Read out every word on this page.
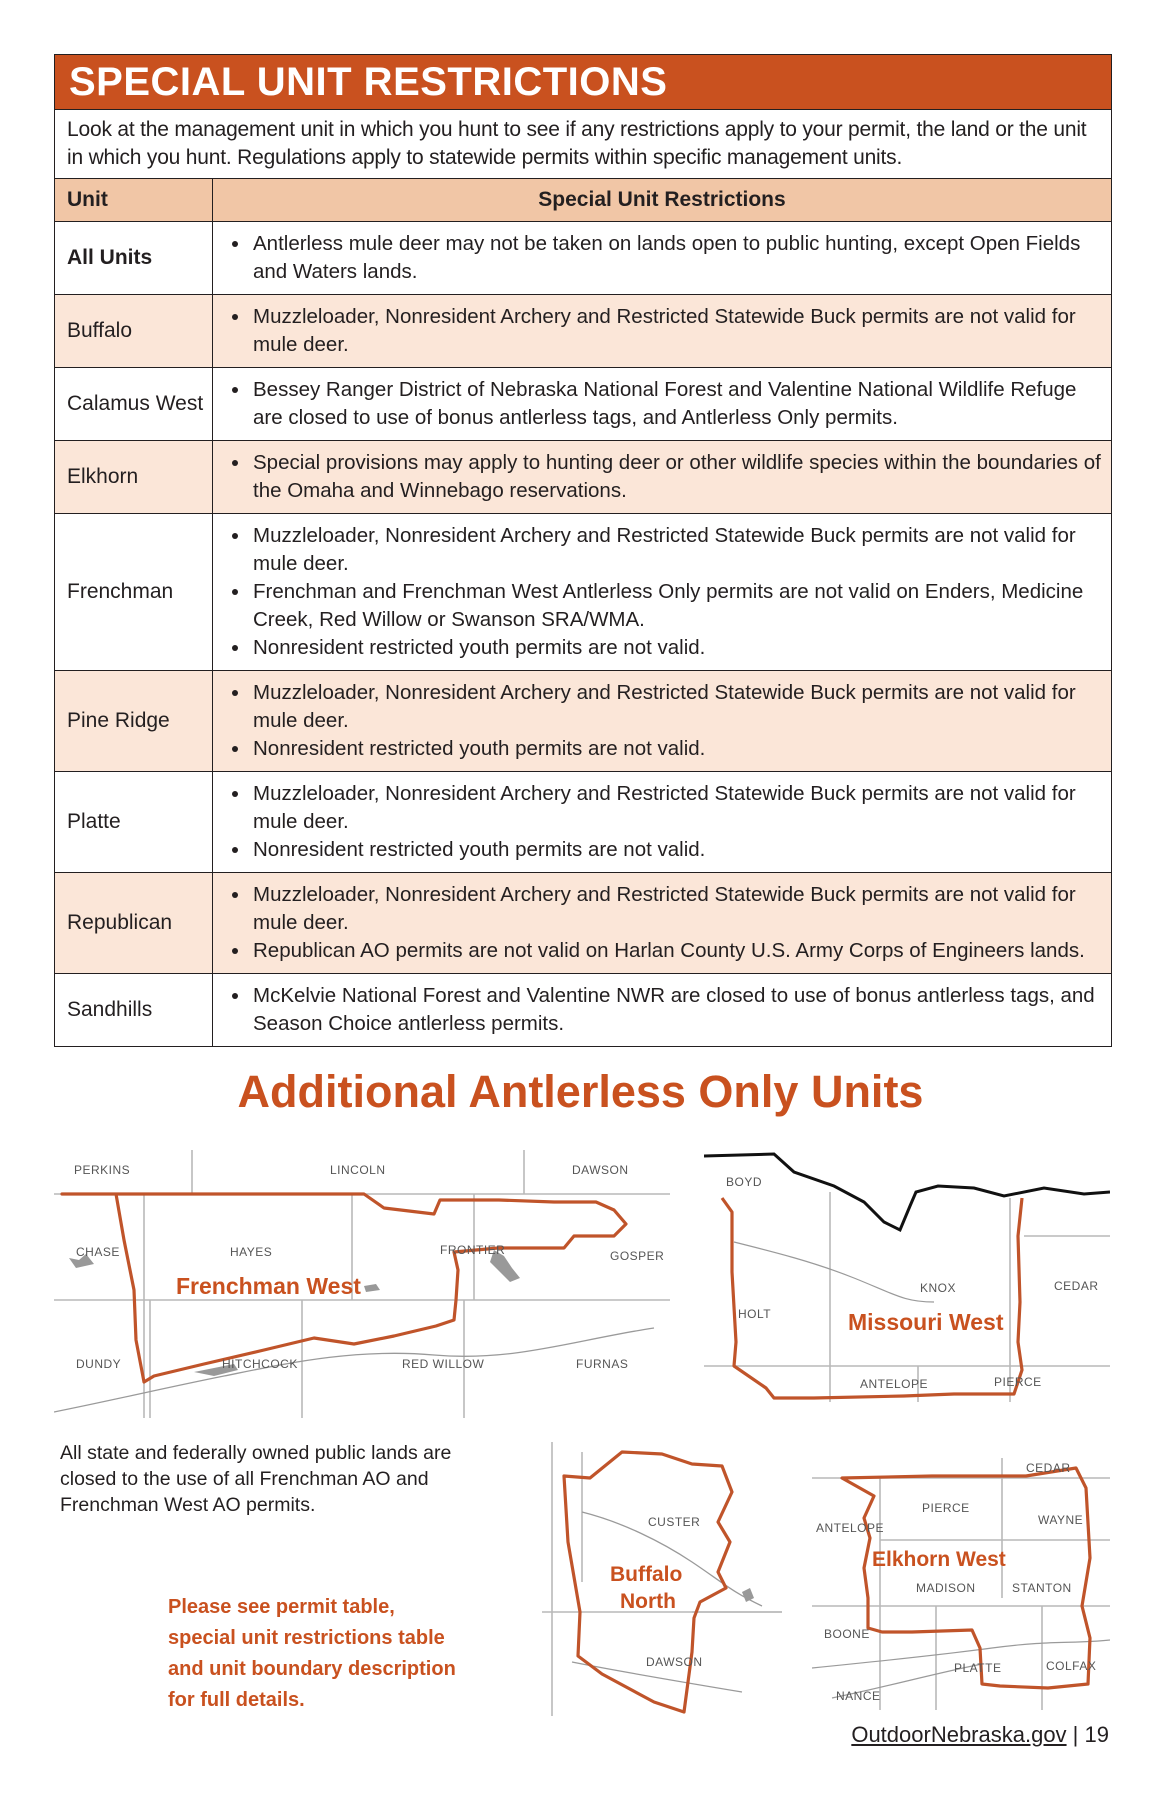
SPECIAL UNIT RESTRICTIONS
Look at the management unit in which you hunt to see if any restrictions apply to your permit, the land or the unit in which you hunt. Regulations apply to statewide permits within specific management units.
Unit	Special Unit Restrictions
All Units
• Antlerless mule deer may not be taken on lands open to public hunting, except Open Fields and Waters lands.
Buffalo
• Muzzleloader, Nonresident Archery and Restricted Statewide Buck permits are not valid for mule deer.
Calamus West
• Bessey Ranger District of Nebraska National Forest and Valentine National Wildlife Refuge are closed to use of bonus antlerless tags, and Antlerless Only permits.
Elkhorn
• Special provisions may apply to hunting deer or other wildlife species within the boundaries of the Omaha and Winnebago reservations.
Frenchman
• Muzzleloader, Nonresident Archery and Restricted Statewide Buck permits are not valid for mule deer.
• Frenchman and Frenchman West Antlerless Only permits are not valid on Enders, Medicine Creek, Red Willow or Swanson SRA/WMA.
• Nonresident restricted youth permits are not valid.
Pine Ridge
• Muzzleloader, Nonresident Archery and Restricted Statewide Buck permits are not valid for mule deer.
• Nonresident restricted youth permits are not valid.
Platte
• Muzzleloader, Nonresident Archery and Restricted Statewide Buck permits are not valid for mule deer.
• Nonresident restricted youth permits are not valid.
Republican
• Muzzleloader, Nonresident Archery and Restricted Statewide Buck permits are not valid for mule deer.
• Republican AO permits are not valid on Harlan County U.S. Army Corps of Engineers lands.
Sandhills
• McKelvie National Forest and Valentine NWR are closed to use of bonus antlerless tags, and Season Choice antlerless permits.
Additional Antlerless Only Units
PERKINS	LINCOLN	DAWSON
CHASE	HAYES	FRONTIER	GOSPER
DUNDY	HITCHCOCK	RED WILLOW	FURNAS
Frenchman West
BOYD
KNOX	CEDAR
HOLT
ANTELOPE	PIERCE
Missouri West
CUSTER
DAWSON
Buffalo
North
CEDAR
PIERCE
WAYNE
ANTELOPE
MADISON	STANTON
BOONE
PLATTE	COLFAX
NANCE
Elkhorn West
All state and federally owned public lands are closed to the use of all Frenchman AO and Frenchman West AO permits.
Please see permit table, special unit restrictions table and unit boundary description for full details.
OutdoorNebraska.gov | 19
